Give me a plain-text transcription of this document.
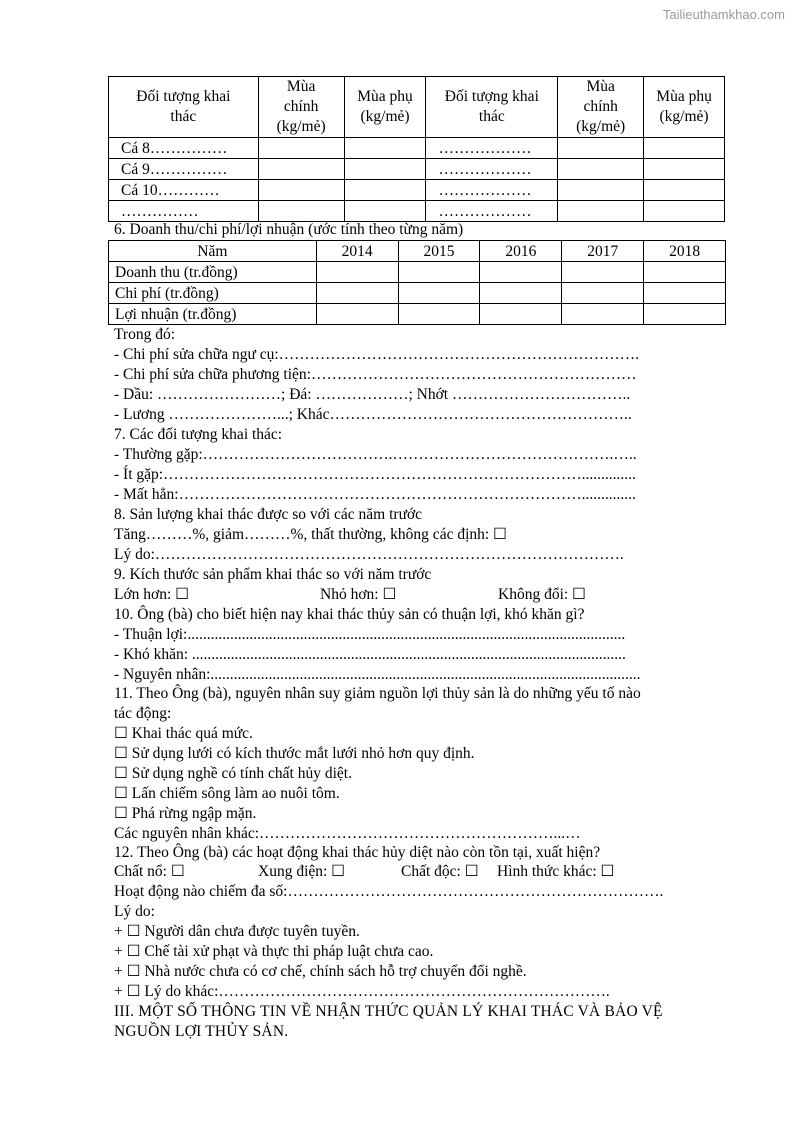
Tailieuthamkhao.com
Đối tượng khai thác	Mùa chính (kg/mẻ)	Mùa phụ (kg/mẻ)	Đối tượng khai thác	Mùa chính (kg/mẻ)	Mùa phụ (kg/mẻ)
Cá 8……………			………………		
Cá 9……………			………………		
Cá 10…………			………………		
……………			………………		
6. Doanh thu/chi phí/lợi nhuận (ước tính theo từng năm)
Năm	2014	2015	2016	2017	2018
Doanh thu (tr.đồng)					
Chi phí (tr.đồng)					
Lợi nhuận (tr.đồng)					
Trong đó:
- Chi phí sửa chữa ngư cụ:…………………………………………………………….
- Chi phí sửa chữa phương tiện:………………………………………………………
- Dầu: ……………………; Đá: ………………; Nhớt ……………………………..
- Lương …………………...; Khác…………………………………………………..
7. Các đối tượng khai thác:
- Thường gặp:……………………………….…………………………………….…..
- Ít gặp:………………………………………………………………………..............
- Mất hẳn:……………………………………………………………………..............
8. Sản lượng khai thác được so với các năm trước
Tăng………%, giảm………%, thất thường, không các định: ☐
Lý do:……………………………………………………………………………….
9. Kích thước sản phẩm khai thác so với năm trước
Lớn hơn: ☐	Nhỏ hơn: ☐	Không đổi: ☐
10. Ông (bà) cho biết hiện nay khai thác thủy sản có thuận lợi, khó khăn gì?
- Thuận lợi:.................................................................................................................
- Khó khăn: ................................................................................................................
- Nguyên nhân:...............................................................................................................
11. Theo Ông (bà), nguyên nhân suy giảm nguồn lợi thủy sản là do những yếu tố nào
tác động:
☐ Khai thác quá mức.
☐ Sử dụng lưới có kích thước mắt lưới nhỏ hơn quy định.
☐ Sử dụng nghề có tính chất hủy diệt.
☐ Lấn chiếm sông làm ao nuôi tôm.
☐ Phá rừng ngập mặn.
Các nguyên nhân khác:…………………………………………………...…
12. Theo Ông (bà) các hoạt động khai thác hủy diệt nào còn tồn tại, xuất hiện?
Chất nổ: ☐	Xung điện: ☐	Chất độc: ☐ Hình thức khác: ☐
Hoạt động nào chiếm đa số:……………………………………………………………….
Lý do:
+ ☐ Người dân chưa được tuyên tuyền.
+ ☐ Chế tài xử phạt và thực thi pháp luật chưa cao.
+ ☐ Nhà nước chưa có cơ chế, chính sách hỗ trợ chuyển đổi nghề.
+ ☐ Lý do khác:………………………………………………………………….
III. MỘT SỐ THÔNG TIN VỀ NHẬN THỨC QUẢN LÝ KHAI THÁC VÀ BẢO VỆ
NGUỒN LỢI THỦY SẢN.
